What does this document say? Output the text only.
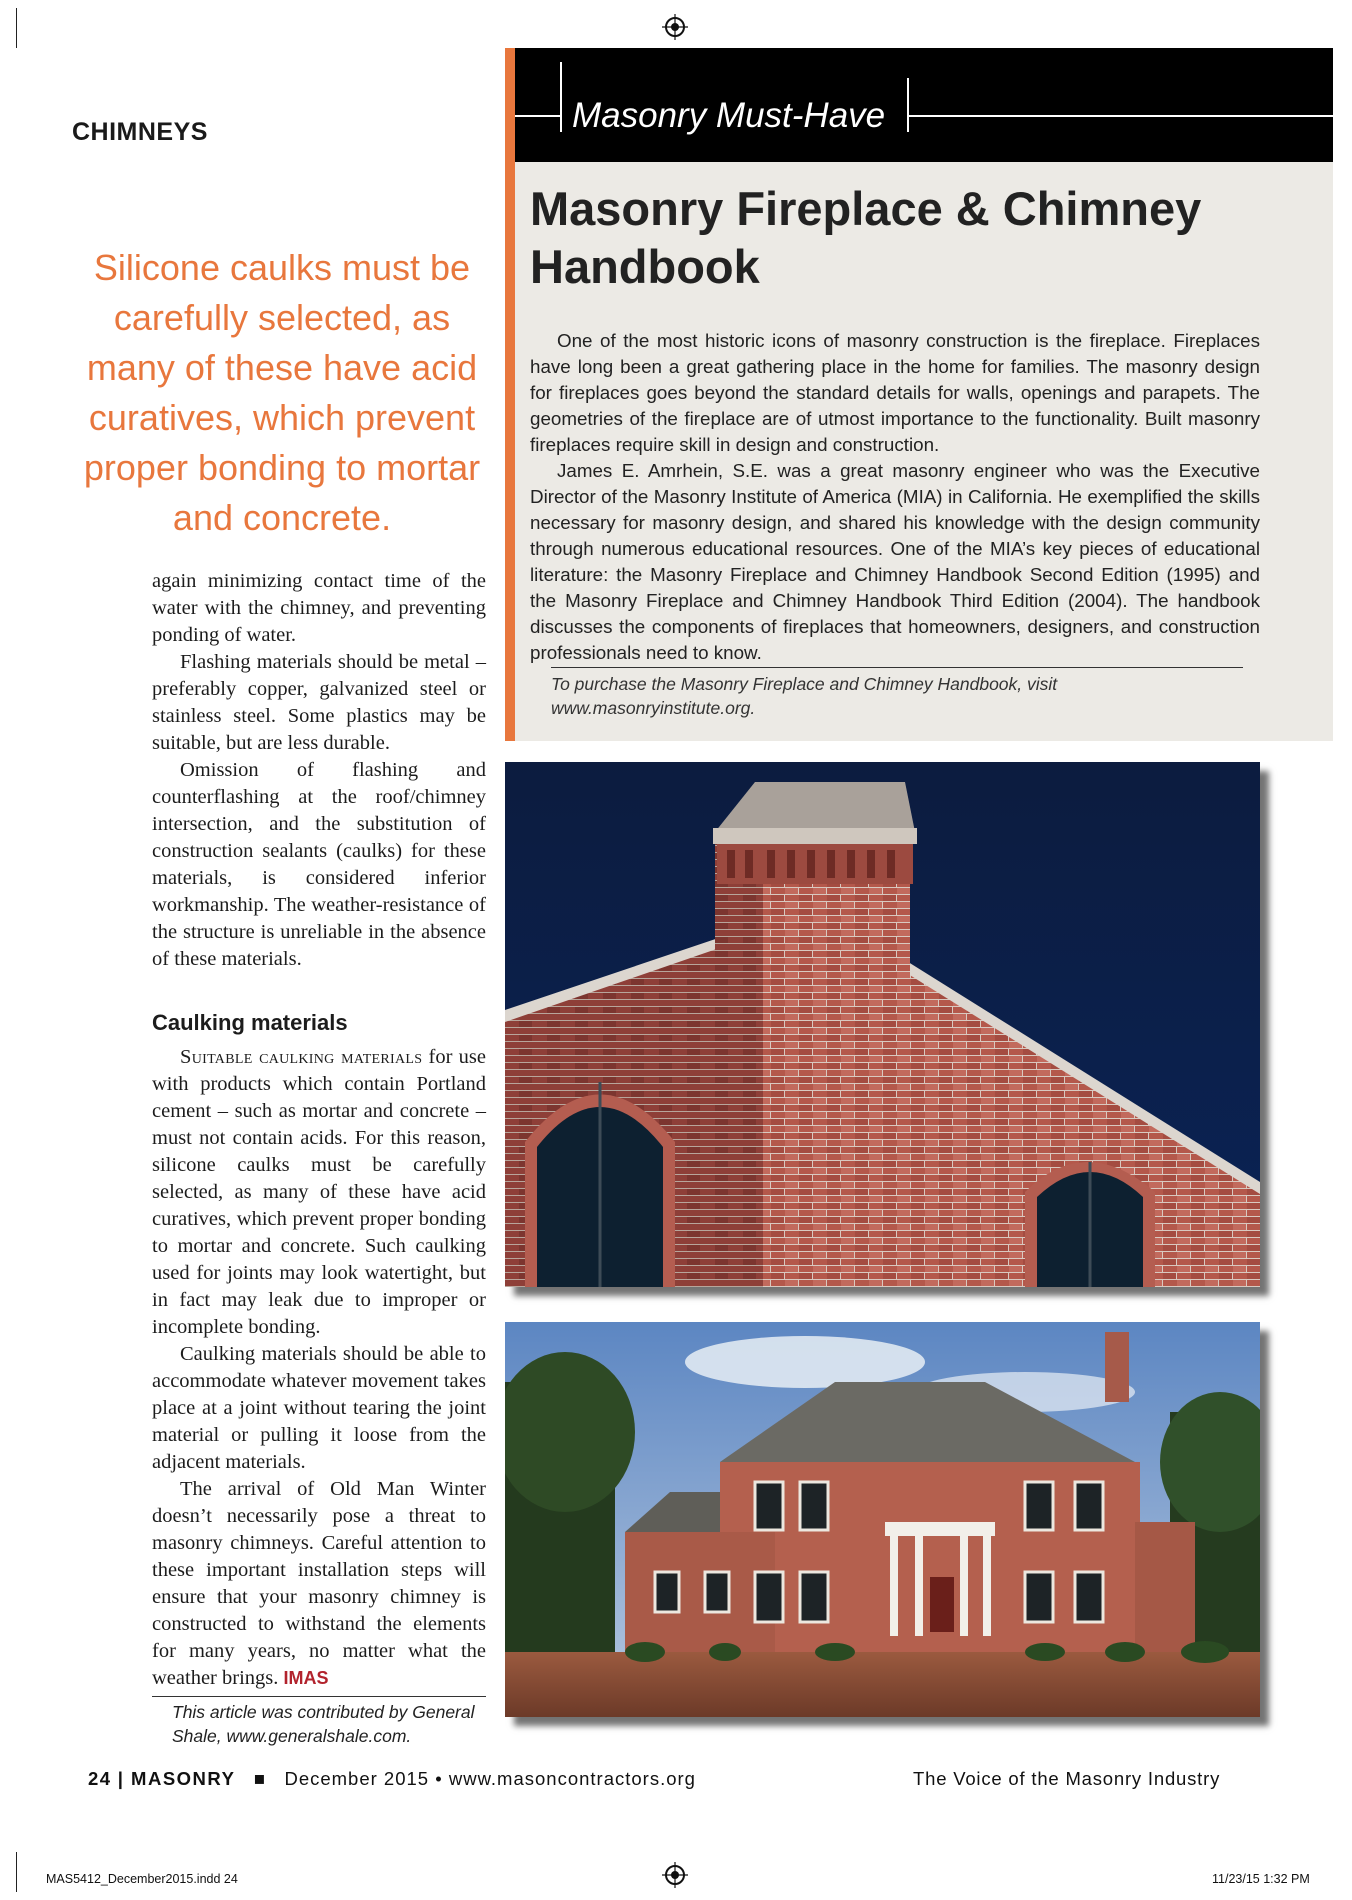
CHIMNEYS
Silicone caulks must be carefully selected, as many of these have acid curatives, which prevent proper bonding to mortar and concrete.

again minimizing contact time of the water with the chimney, and preventing ponding of water.

Flashing materials should be metal – preferably copper, galvanized steel or stainless steel. Some plastics may be suitable, but are less durable.

Omission of flashing and counterflashing at the roof/chimney intersection, and the substitution of construction sealants (caulks) for these materials, is considered inferior workmanship. The weather-resistance of the structure is unreliable in the absence of these materials.

Caulking materials

Suitable caulking materials for use with products which contain Portland cement – such as mortar and concrete – must not contain acids. For this reason, silicone caulks must be carefully selected, as many of these have acid curatives, which prevent proper bonding to mortar and concrete. Such caulking used for joints may look watertight, but in fact may leak due to improper or incomplete bonding.

Caulking materials should be able to accommodate whatever movement takes place at a joint without tearing the joint material or pulling it loose from the adjacent materials.

The arrival of Old Man Winter doesn’t necessarily pose a threat to masonry chimneys. Careful attention to these important installation steps will ensure that your masonry chimney is constructed to withstand the elements for many years, no matter what the weather brings. IMAS

This article was contributed by General Shale, www.generalshale.com.
Masonry Must-Have
Masonry Fireplace & Chimney Handbook

One of the most historic icons of masonry construction is the fireplace. Fireplaces have long been a great gathering place in the home for families. The masonry design for fireplaces goes beyond the standard details for walls, openings and parapets. The geometries of the fireplace are of utmost importance to the functionality. Built masonry fireplaces require skill in design and construction.

James E. Amrhein, S.E. was a great masonry engineer who was the Executive Director of the Masonry Institute of America (MIA) in California. He exemplified the skills necessary for masonry design, and shared his knowledge with the design community through numerous educational resources. One of the MIA’s key pieces of educational literature: the Masonry Fireplace and Chimney Handbook Second Edition (1995) and the Masonry Fireplace and Chimney Handbook Third Edition (2004). The handbook discusses the components of fireplaces that homeowners, designers, and construction professionals need to know.

To purchase the Masonry Fireplace and Chimney Handbook, visit www.masonryinstitute.org.
24 | MASONRY ■ December 2015 • www.masoncontractors.org	The Voice of the Masonry Industry
MAS5412_December2015.indd 24	11/23/15 1:32 PM
